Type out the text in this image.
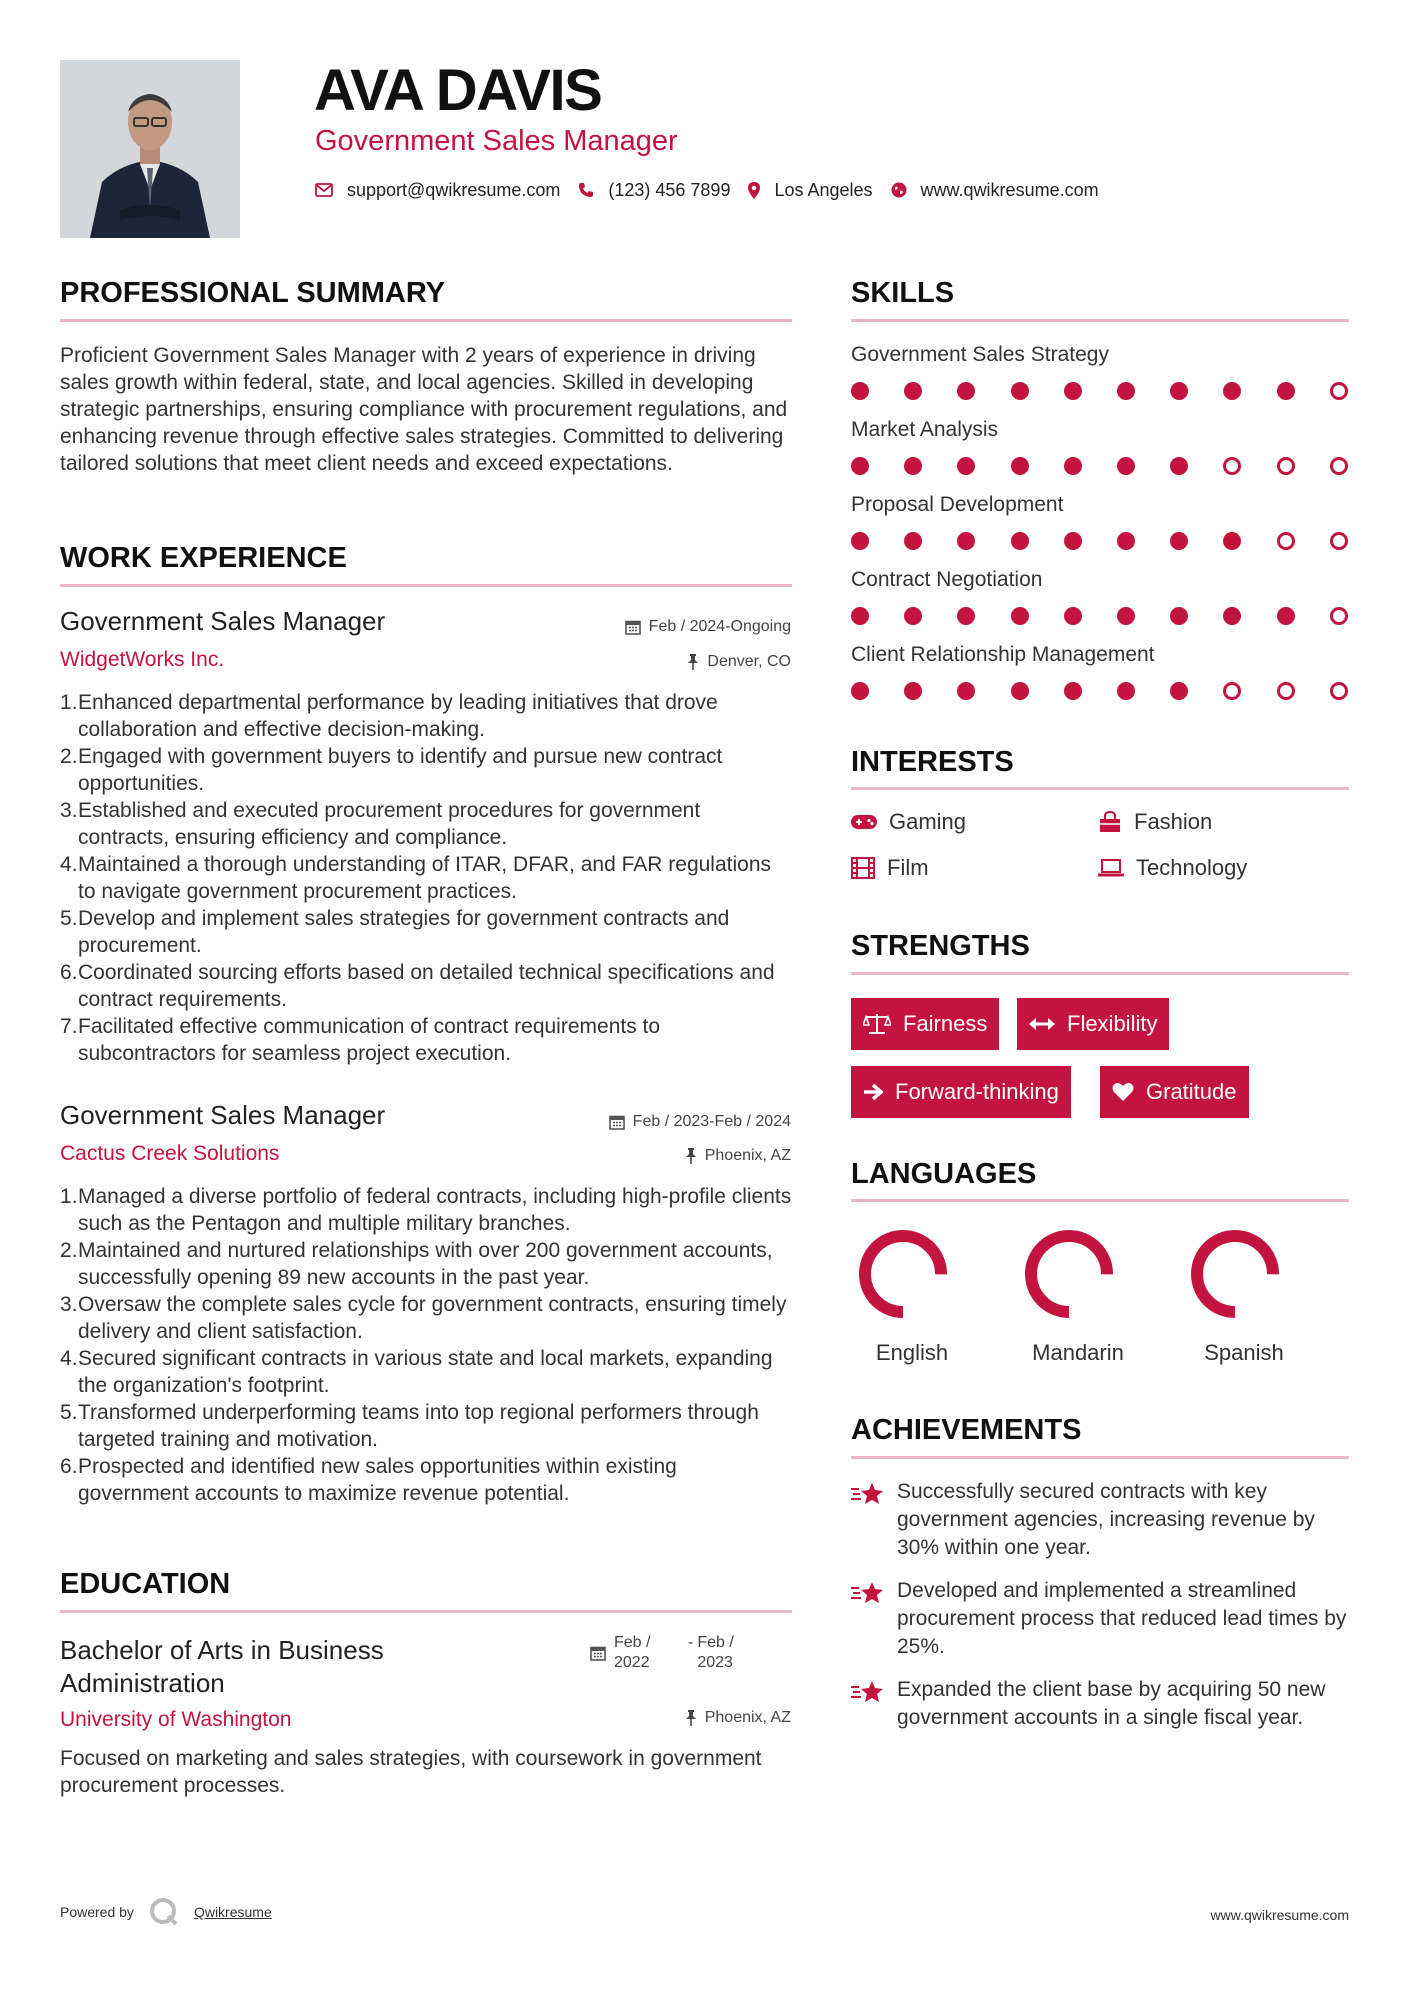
AVA DAVIS
Government Sales Manager
support@qwikresume.com	(123) 456 7899 Los Angeles	www.qwikresume.com
PROFESSIONAL SUMMARY
Proficient Government Sales Manager with 2 years of experience in driving sales growth within federal, state, and local agencies. Skilled in developing strategic partnerships, ensuring compliance with procurement regulations, and enhancing revenue through effective sales strategies. Committed to delivering tailored solutions that meet client needs and exceed expectations.
WORK EXPERIENCE
Government Sales Manager	Feb / 2024-Ongoing
WidgetWorks Inc.	Denver, CO
Enhanced departmental performance by leading initiatives that drove collaboration and effective decision-making.
Engaged with government buyers to identify and pursue new contract opportunities.
Established and executed procurement procedures for government contracts, ensuring efficiency and compliance.
Maintained a thorough understanding of ITAR, DFAR, and FAR regulations to navigate government procurement practices.
Develop and implement sales strategies for government contracts and procurement.
Coordinated sourcing efforts based on detailed technical specifications and contract requirements.
Facilitated effective communication of contract requirements to subcontractors for seamless project execution.
Government Sales Manager	Feb / 2023-Feb / 2024
Cactus Creek Solutions	Phoenix, AZ
Managed a diverse portfolio of federal contracts, including high-profile clients such as the Pentagon and multiple military branches.
Maintained and nurtured relationships with over 200 government accounts, successfully opening 89 new accounts in the past year.
Oversaw the complete sales cycle for government contracts, ensuring timely delivery and client satisfaction.
Secured significant contracts in various state and local markets, expanding the organization's footprint.
Transformed underperforming teams into top regional performers through targeted training and motivation.
Prospected and identified new sales opportunities within existing government accounts to maximize revenue potential.
EDUCATION
Bachelor of Arts in Business Administration
Feb / 2022
- Feb / 2023
University of Washington	Phoenix, AZ
Focused on marketing and sales strategies, with coursework in government procurement processes.
SKILLS
Government Sales Strategy
Market Analysis
Proposal Development
Contract Negotiation
Client Relationship Management
INTERESTS
Gaming	Fashion
Film	Technology
STRENGTHS
Fairness	Flexibility
Forward-thinking	Gratitude
LANGUAGES
English	Mandarin	Spanish
ACHIEVEMENTS
Successfully secured contracts with key government agencies, increasing revenue by 30% within one year.
Developed and implemented a streamlined procurement process that reduced lead times by 25%.
Expanded the client base by acquiring 50 new government accounts in a single fiscal year.
Powered by	Qwikresume	www.qwikresume.com
